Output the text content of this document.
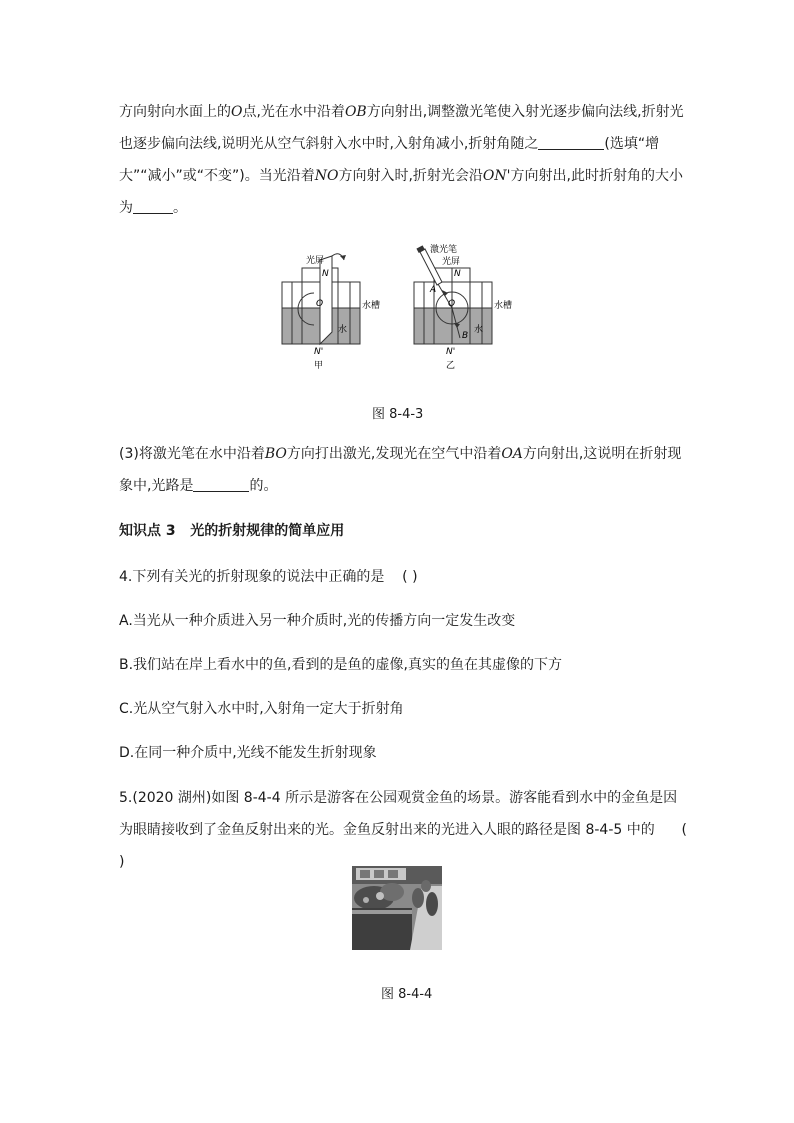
方向射向水面上的O点,光在水中沿着OB方向射出,调整激光笔使入射光逐步偏向法线,折射光也逐步偏向法线,说明光从空气斜射入水中时,入射角减小,折射角随之	(选填“增大”“减小”或“不变”)。当光沿着NO方向射入时,折射光会沿ON'方向射出,此时折射角的大小为	。

光屏
N
O	水槽
水
N'
甲
激光笔
光屏
N
A
O
B
水槽
水
N'
乙
图 8-4-3

(3)将激光笔在水中沿着BO方向打出激光,发现光在空气中沿着OA方向射出,这说明在折射现象中,光路是	的。

知识点 3 光的折射规律的简单应用
4.下列有关光的折射现象的说法中正确的是 ( )
A.当光从一种介质进入另一种介质时,光的传播方向一定发生改变
B.我们站在岸上看水中的鱼,看到的是鱼的虚像,真实的鱼在其虚像的下方
C.光从空气射入水中时,入射角一定大于折射角
D.在同一种介质中,光线不能发生折射现象

5.(2020 湖州)如图 8-4-4 所示是游客在公园观赏金鱼的场景。游客能看到水中的金鱼是因为眼睛接收到了金鱼反射出来的光。金鱼反射出来的光进入人眼的路径是图 8-4-5 中的 ( )

图 8-4-4
